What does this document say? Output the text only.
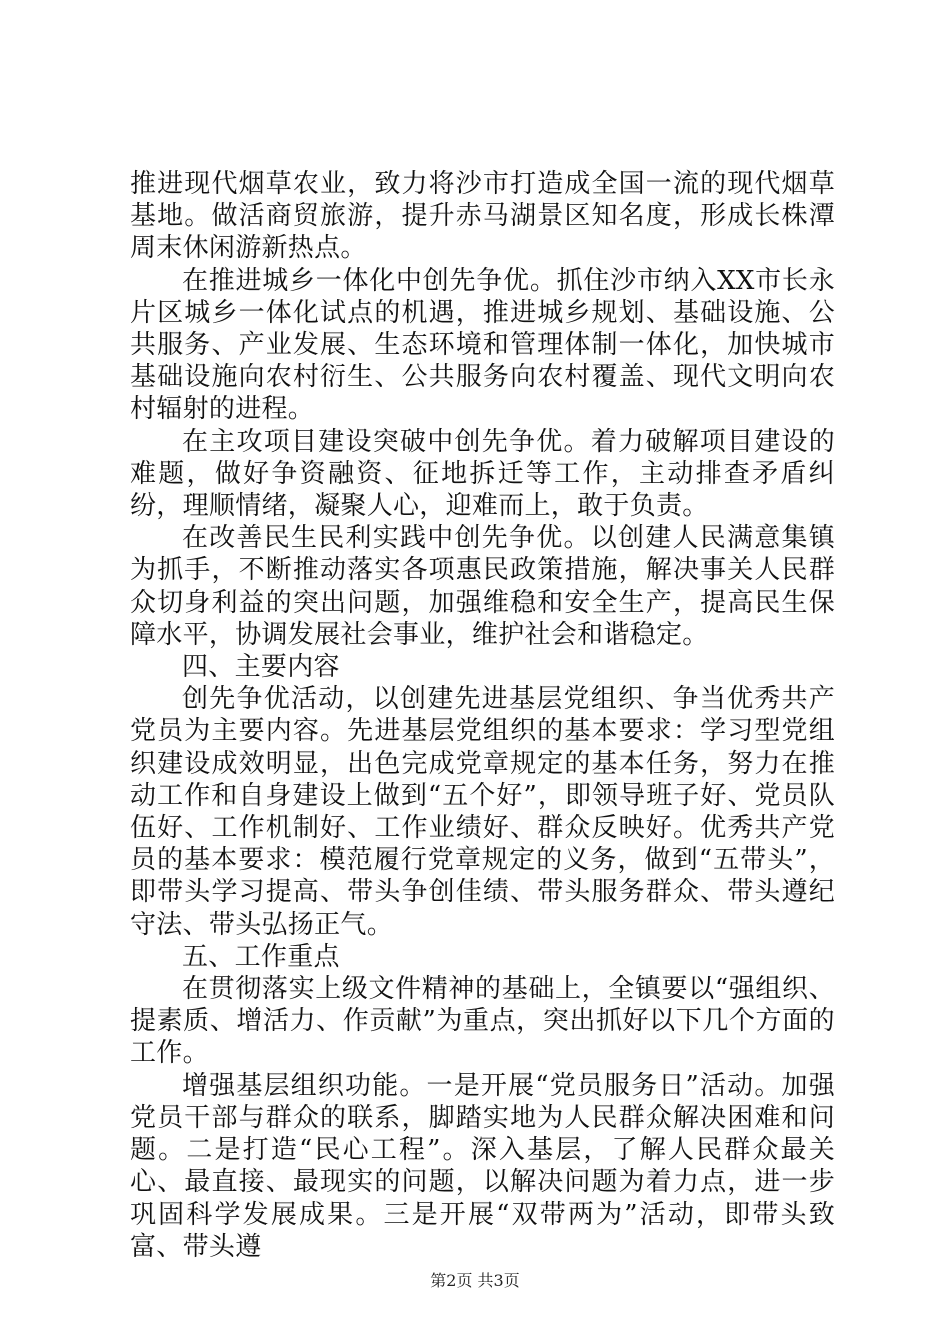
推进现代烟草农业，致力将沙市打造成全国一流的现代烟草基地。做活商贸旅游，提升赤马湖景区知名度，形成长株潭周末休闲游新热点。

在推进城乡一体化中创先争优。抓住沙市纳入XX市长永片区城乡一体化试点的机遇，推进城乡规划、基础设施、公共服务、产业发展、生态环境和管理体制一体化，加快城市基础设施向农村衍生、公共服务向农村覆盖、现代文明向农村辐射的进程。

在主攻项目建设突破中创先争优。着力破解项目建设的难题，做好争资融资、征地拆迁等工作，主动排查矛盾纠纷，理顺情绪，凝聚人心，迎难而上，敢于负责。

在改善民生民利实践中创先争优。以创建人民满意集镇为抓手，不断推动落实各项惠民政策措施，解决事关人民群众切身利益的突出问题，加强维稳和安全生产，提高民生保障水平，协调发展社会事业，维护社会和谐稳定。

四、主要内容

创先争优活动，以创建先进基层党组织、争当优秀共产党员为主要内容。先进基层党组织的基本要求：学习型党组织建设成效明显，出色完成党章规定的基本任务，努力在推动工作和自身建设上做到“五个好”，即领导班子好、党员队伍好、工作机制好、工作业绩好、群众反映好。优秀共产党员的基本要求：模范履行党章规定的义务，做到“五带头”，即带头学习提高、带头争创佳绩、带头服务群众、带头遵纪守法、带头弘扬正气。

五、工作重点

在贯彻落实上级文件精神的基础上，全镇要以“强组织、提素质、增活力、作贡献”为重点，突出抓好以下几个方面的工作。

增强基层组织功能。一是开展“党员服务日”活动。加强党员干部与群众的联系，脚踏实地为人民群众解决困难和问题。二是打造“民心工程”。深入基层，了解人民群众最关心、最直接、最现实的问题，以解决问题为着力点，进一步巩固科学发展成果。三是开展“双带两为”活动，即带头致富、带头遵

第2页 共3页
